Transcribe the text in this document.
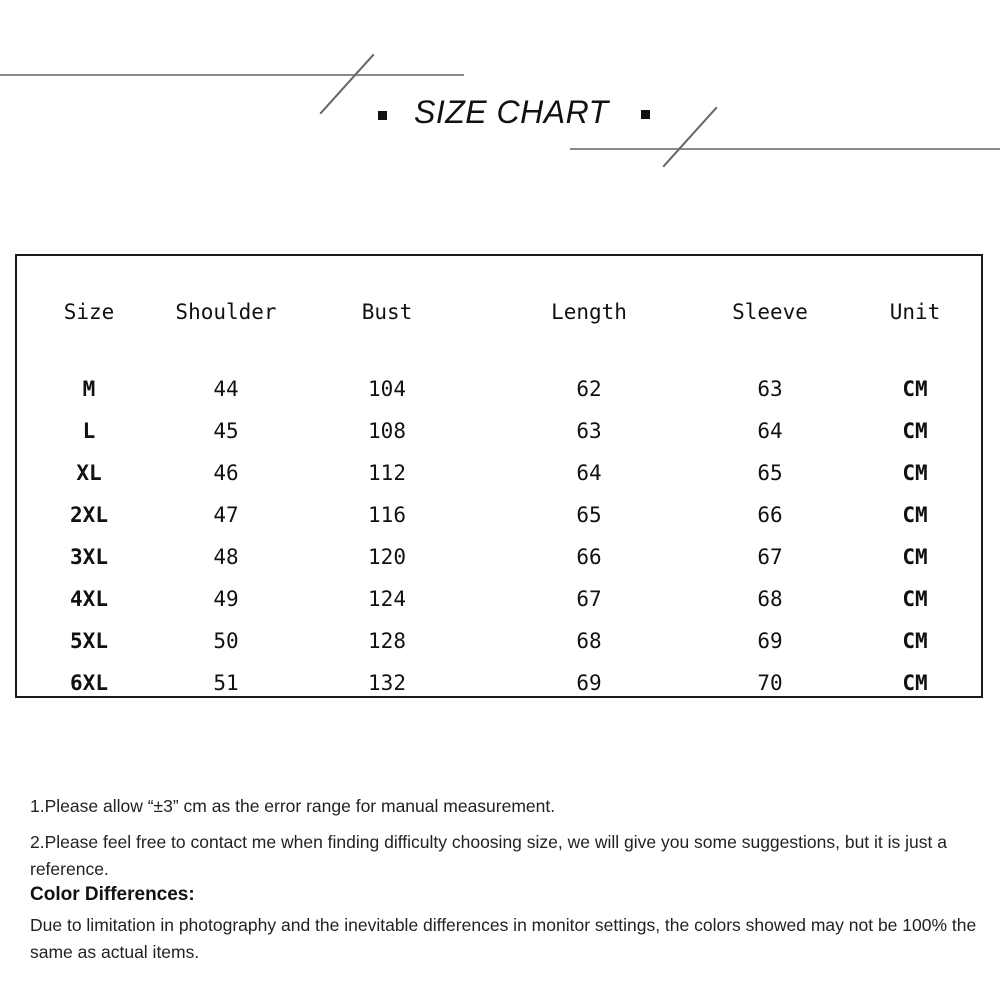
SIZE CHART
Size	Shoulder	Bust	Length	Sleeve	Unit
M	44	104	62	63	CM
L	45	108	63	64	CM
XL	46	112	64	65	CM
2XL	47	116	65	66	CM
3XL	48	120	66	67	CM
4XL	49	124	67	68	CM
5XL	50	128	68	69	CM
6XL	51	132	69	70	CM
1.Please allow “±3” cm as the error range for manual measurement.
2.Please feel free to contact me when finding difficulty choosing size, we will give you some suggestions, but it is just a reference.
Color Differences:
Due to limitation in photography and the inevitable differences in monitor settings, the colors showed may not be 100% the same as actual items.
